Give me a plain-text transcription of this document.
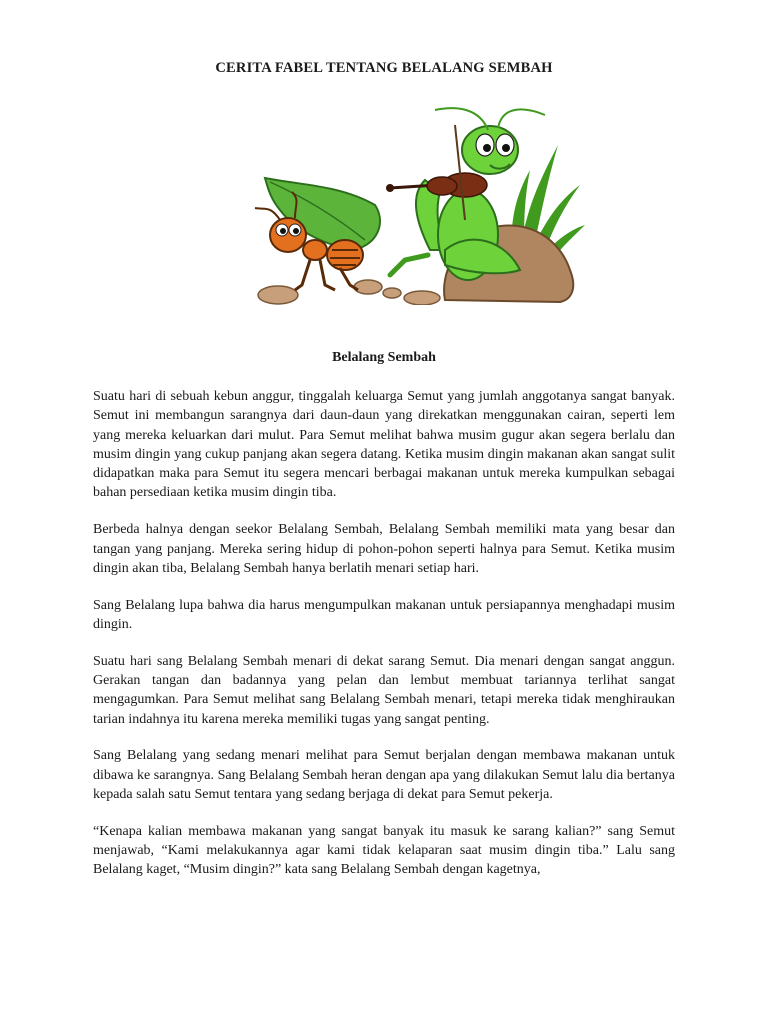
CERITA FABEL TENTANG BELALANG SEMBAH
Belalang Sembah

Suatu hari di sebuah kebun anggur, tinggalah keluarga Semut yang jumlah anggotanya sangat banyak. Semut ini membangun sarangnya dari daun-daun yang direkatkan menggunakan cairan, seperti lem yang mereka keluarkan dari mulut. Para Semut melihat bahwa musim gugur akan segera berlalu dan musim dingin yang cukup panjang akan segera datang. Ketika musim dingin makanan akan sangat sulit didapatkan maka para Semut itu segera mencari berbagai makanan untuk mereka kumpulkan sebagai bahan persediaan ketika musim dingin tiba.

Berbeda halnya dengan seekor Belalang Sembah, Belalang Sembah memiliki mata yang besar dan tangan yang panjang. Mereka sering hidup di pohon-pohon seperti halnya para Semut. Ketika musim dingin akan tiba, Belalang Sembah hanya berlatih menari setiap hari.

Sang Belalang lupa bahwa dia harus mengumpulkan makanan untuk persiapannya menghadapi musim dingin.

Suatu hari sang Belalang Sembah menari di dekat sarang Semut. Dia menari dengan sangat anggun. Gerakan tangan dan badannya yang pelan dan lembut membuat tariannya terlihat sangat mengagumkan. Para Semut melihat sang Belalang Sembah menari, tetapi mereka tidak menghiraukan tarian indahnya itu karena mereka memiliki tugas yang sangat penting.

Sang Belalang yang sedang menari melihat para Semut berjalan dengan membawa makanan untuk dibawa ke sarangnya. Sang Belalang Sembah heran dengan apa yang dilakukan Semut lalu dia bertanya kepada salah satu Semut tentara yang sedang berjaga di dekat para Semut pekerja.

“Kenapa kalian membawa makanan yang sangat banyak itu masuk ke sarang kalian?” sang Semut menjawab, “Kami melakukannya agar kami tidak kelaparan saat musim dingin tiba.” Lalu sang Belalang kaget, “Musim dingin?” kata sang Belalang Sembah dengan kagetnya,
